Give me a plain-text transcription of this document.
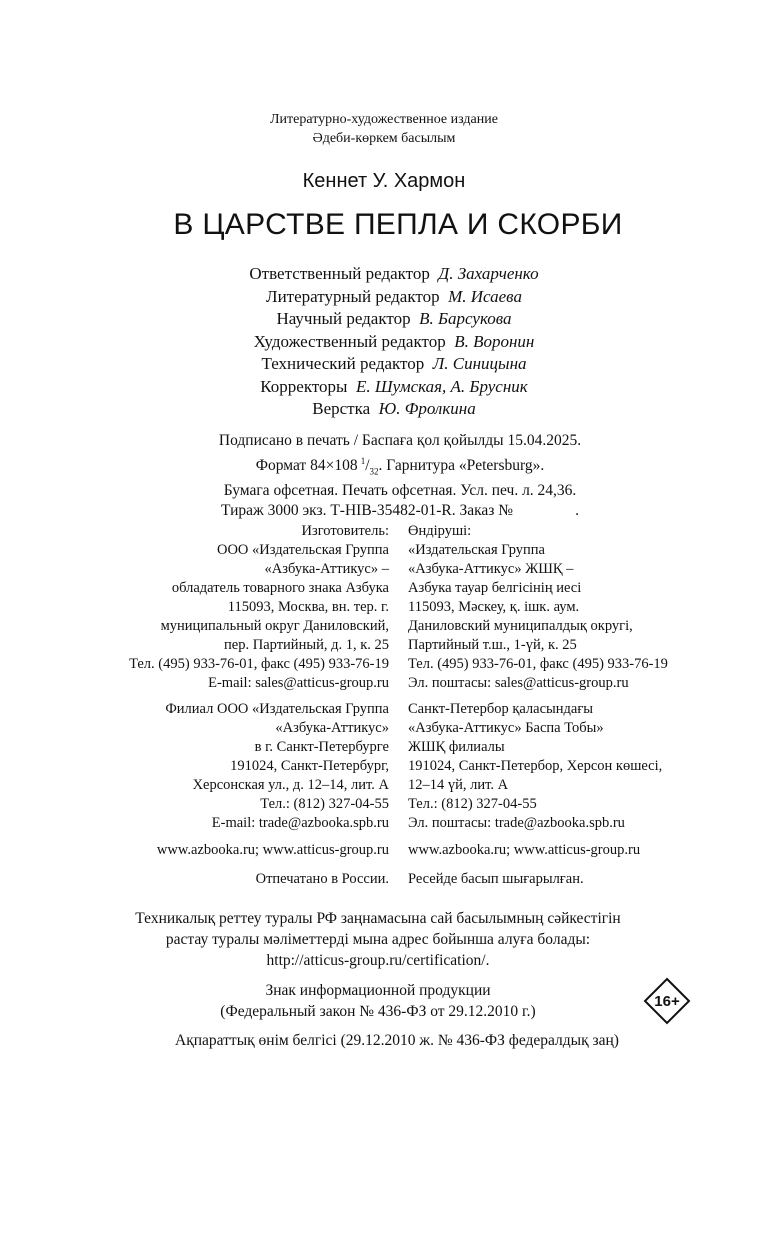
Литературно-художественное издание
Әдеби-көркем басылым
Кеннет У. Хармон
В ЦАРСТВЕ ПЕПЛА И СКОРБИ
Ответственный редактор Д. Захарченко
Литературный редактор М. Исаева
Научный редактор В. Барсукова
Художественный редактор В. Воронин
Технический редактор Л. Синицына
Корректоры Е. Шумская, А. Брусник
Верстка Ю. Фролкина
Подписано в печать / Баспаға қол қойылды 15.04.2025.
Формат 84×108  $^1/_{32}$. Гарнитура «Petersburg».
Бумага офсетная. Печать офсетная. Усл. печ. л. 24,36.
Тираж 3000 экз. Т-HIB-35482-01-R. Заказ №	.
Изготовитель:
ООО «Издательская Группа
«Азбука-Аттикус» –
обладатель товарного знака Азбука
115093, Москва, вн. тер. г.
муниципальный округ Даниловский,
пер. Партийный, д. 1, к. 25
Тел. (495) 933-76-01, факс (495) 933-76-19
E-mail: sales@atticus-group.ru
Өндіруші:
«Издательская Группа
«Азбука-Аттикус» ЖШҚ –
Азбука тауар белгісінің иесі
115093, Мәскеу, қ. ішк. аум.
Даниловский муниципалдық округі,
Партийный т.ш., 1-үй, к. 25
Тел. (495) 933-76-01, факс (495) 933-76-19
Эл. поштасы: sales@atticus-group.ru
Филиал ООО «Издательская Группа
«Азбука-Аттикус»
в г. Санкт-Петербурге
191024, Санкт-Петербург,
Херсонская ул., д. 12–14, лит. А
Тел.: (812) 327-04-55
E-mail: trade@azbooka.spb.ru
Санкт-Петербор қаласындағы
«Азбука-Аттикус» Баспа Тобы»
ЖШҚ филиалы
191024, Санкт-Петербор, Херсон көшесі,
12–14 үй, лит. А
Тел.: (812) 327-04-55
Эл. поштасы: trade@azbooka.spb.ru
www.azbooka.ru; www.atticus-group.ru www.azbooka.ru; www.atticus-group.ru
Отпечатано в России. Ресейде басып шығарылған.
Техникалық реттеу туралы РФ заңнамасына сай басылымның сәйкестігін
растау туралы мәліметтерді мына адрес бойынша алуға болады:
http://atticus-group.ru/certification/.
Знак информационной продукции
(Федеральный закон № 436-ФЗ от 29.12.2010 г.)
16+
Ақпараттық өнім белгісі (29.12.2010 ж. № 436-ФЗ федералдық заң)
